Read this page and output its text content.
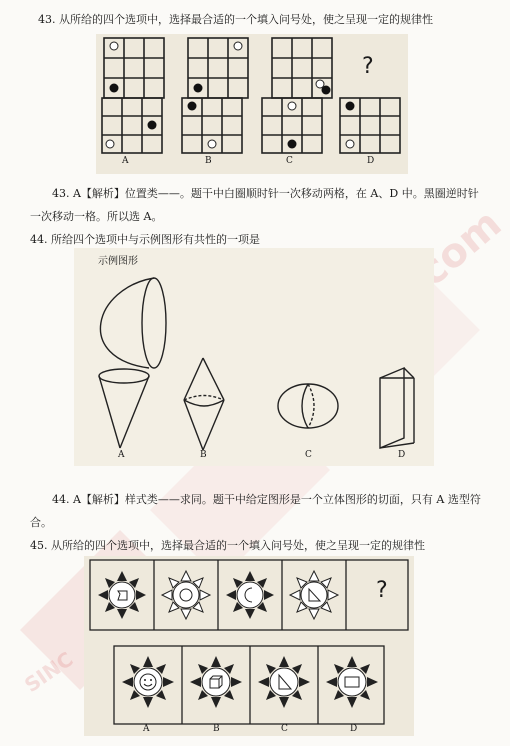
SINC
.com
43. 从所给的四个选项中，选择最合适的一个填入问号处，使之呈现一定的规律性
?
A	B	C	D
43. A【解析】位置类——。题干中白圈顺时针一次移动两格，在 A、D 中。黑圈逆时针
一次移动一格。所以选 A。
44. 所给四个选项中与示例图形有共性的一项是
示例图形
A	B	C	D
44. A【解析】样式类——求同。题干中给定图形是一个立体图形的切面，只有 A 选型符
合。
45. 从所给的四个选项中，选择最合适的一个填入问号处，使之呈现一定的规律性
?
A	B	C	D
